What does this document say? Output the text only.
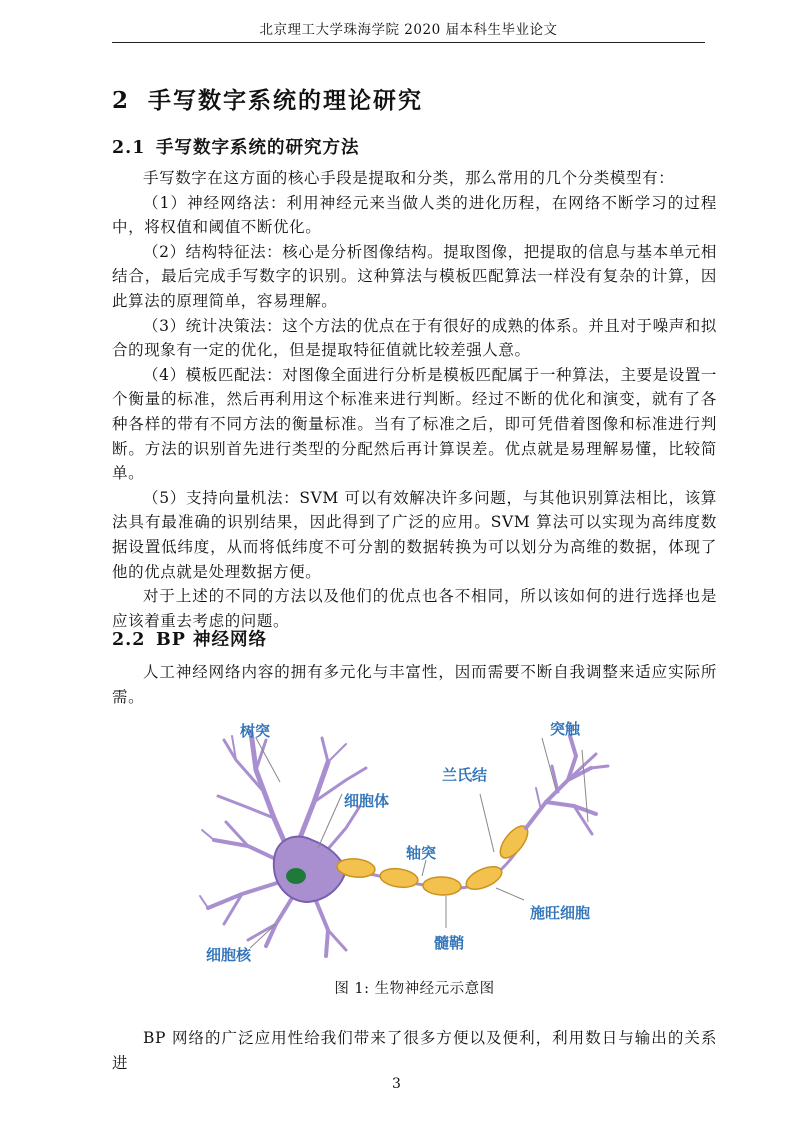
北京理工大学珠海学院 2020 届本科生毕业论文
2 手写数字系统的理论研究
2.1 手写数字系统的研究方法

手写数字在这方面的核心手段是提取和分类，那么常用的几个分类模型有：

（1）神经网络法：利用神经元来当做人类的进化历程，在网络不断学习的过程中，将权值和阈值不断优化。

（2）结构特征法：核心是分析图像结构。提取图像，把提取的信息与基本单元相结合，最后完成手写数字的识别。这种算法与模板匹配算法一样没有复杂的计算，因此算法的原理简单，容易理解。

（3）统计决策法：这个方法的优点在于有很好的成熟的体系。并且对于噪声和拟合的现象有一定的优化，但是提取特征值就比较差强人意。

（4）模板匹配法：对图像全面进行分析是模板匹配属于一种算法，主要是设置一个衡量的标准，然后再利用这个标准来进行判断。经过不断的优化和演变，就有了各种各样的带有不同方法的衡量标准。当有了标准之后，即可凭借着图像和标准进行判断。方法的识别首先进行类型的分配然后再计算误差。优点就是易理解易懂，比较简单。

（5）支持向量机法：SVM 可以有效解决许多问题，与其他识别算法相比，该算法具有最准确的识别结果，因此得到了广泛的应用。SVM 算法可以实现为高纬度数据设置低纬度，从而将低纬度不可分割的数据转换为可以划分为高维的数据，体现了他的优点就是处理数据方便。

对于上述的不同的方法以及他们的优点也各不相同，所以该如何的进行选择也是应该着重去考虑的问题。

2.2 BP 神经网络

人工神经网络内容的拥有多元化与丰富性，因而需要不断自我调整来适应实际所需。

树突
细胞体
细胞核
轴突
髓鞘
兰氏结
施旺细胞
突触
图 1: 生物神经元示意图

BP 网络的广泛应用性给我们带来了很多方便以及便利，利用数日与输出的关系进

3
